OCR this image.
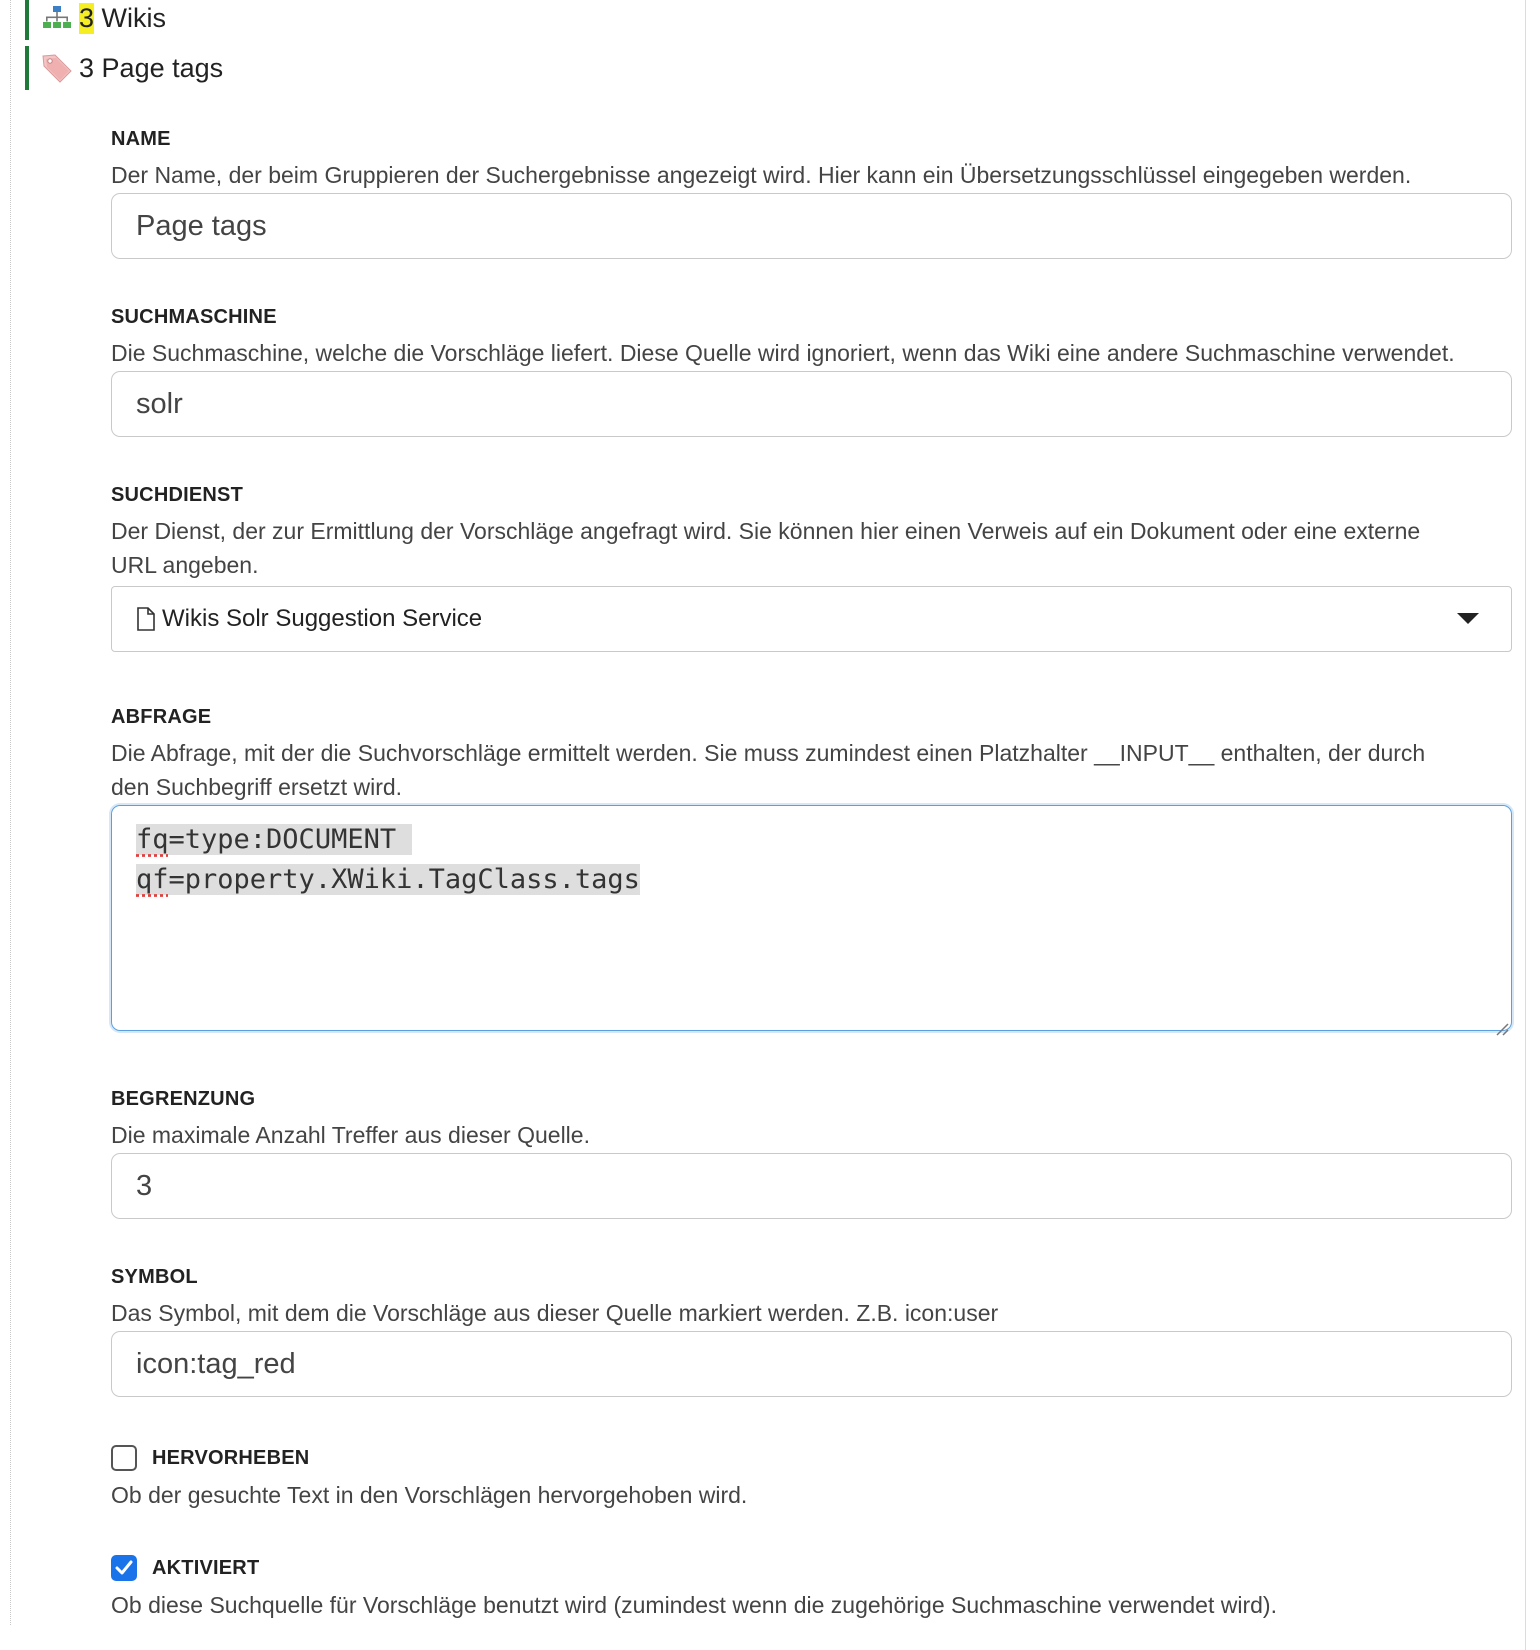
3
Wikis
3
Page tags
NAME
Der Name, der beim Gruppieren der Suchergebnisse angezeigt wird. Hier kann ein Übersetzungsschlüssel eingegeben werden.
Page tags
SUCHMASCHINE
Die Suchmaschine, welche die Vorschläge liefert. Diese Quelle wird ignoriert, wenn das Wiki eine andere Suchmaschine verwendet.
solr
SUCHDIENST
Der Dienst, der zur Ermittlung der Vorschläge angefragt wird. Sie können hier einen Verweis auf ein Dokument oder eine externe
URL angeben.
Wikis Solr Suggestion Service
ABFRAGE
Die Abfrage, mit der die Suchvorschläge ermittelt werden. Sie muss zumindest einen Platzhalter __INPUT__ enthalten, der durch
den Suchbegriff ersetzt wird.
fq=type:DOCUMENT
qf=property.XWiki.TagClass.tags
BEGRENZUNG
Die maximale Anzahl Treffer aus dieser Quelle.
3
SYMBOL
Das Symbol, mit dem die Vorschläge aus dieser Quelle markiert werden. Z.B. icon:user
icon:tag_red
HERVORHEBEN
Ob der gesuchte Text in den Vorschlägen hervorgehoben wird.
AKTIVIERT
Ob diese Suchquelle für Vorschläge benutzt wird (zumindest wenn die zugehörige Suchmaschine verwendet wird).
